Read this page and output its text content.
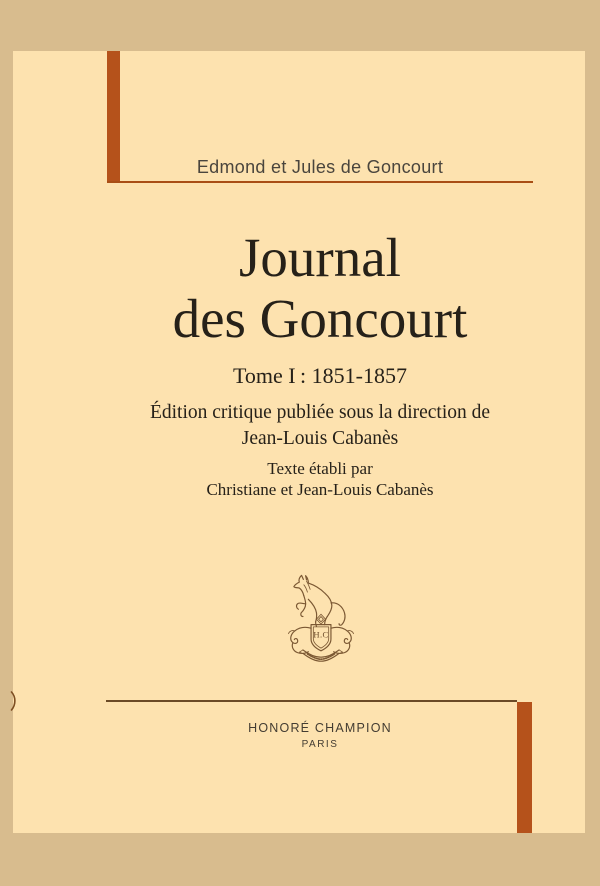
Edmond et Jules de Goncourt
Journal
des Goncourt
Tome I : 1851-1857
Édition critique publiée sous la direction de
Jean-Louis Cabanès
Texte établi par
Christiane et Jean-Louis Cabanès
H.C
HONORÉ CHAMPION
PARIS
